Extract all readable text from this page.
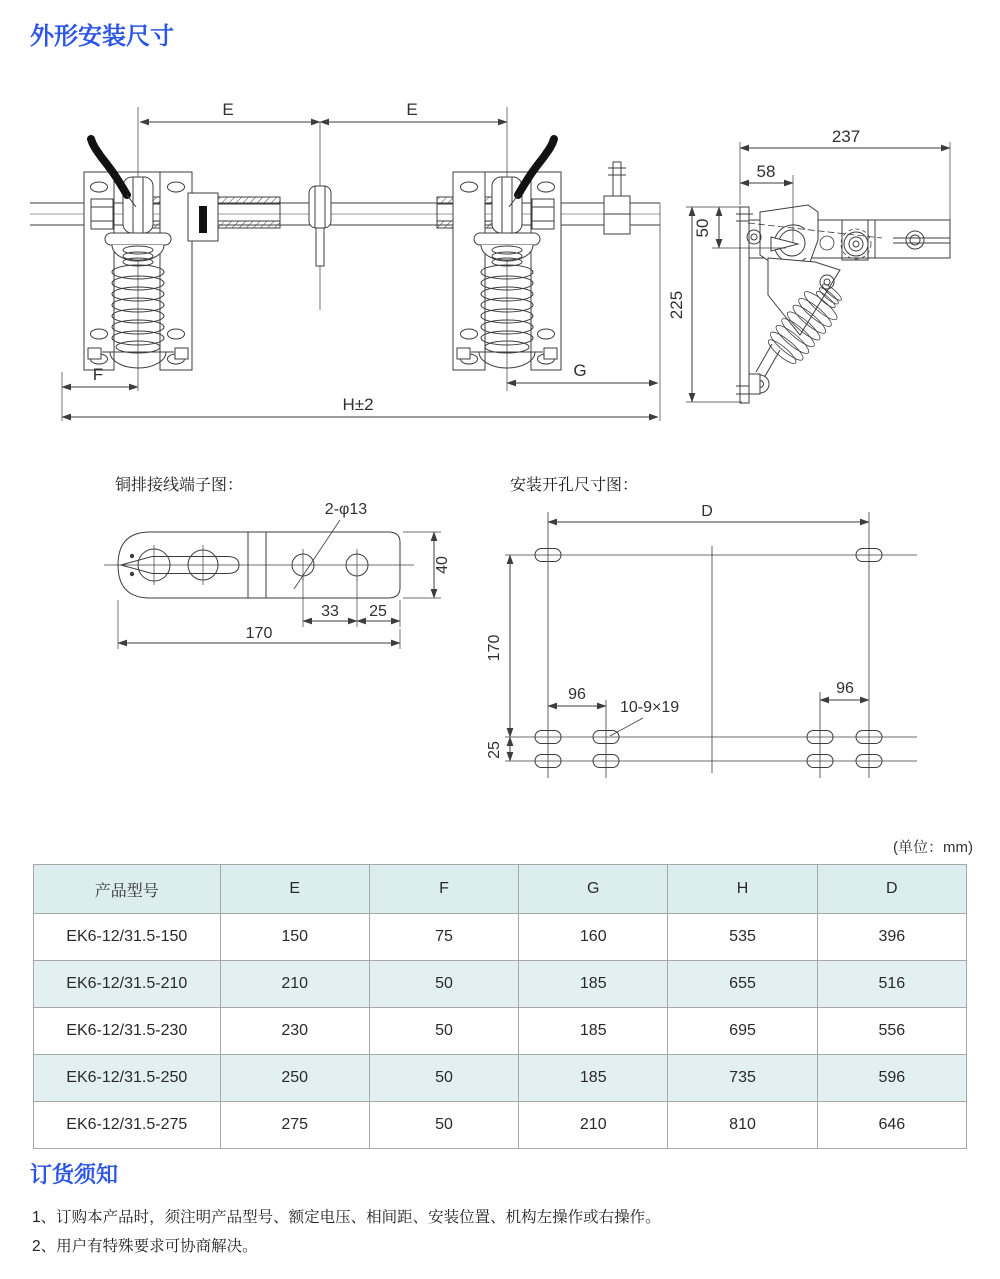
外形安装尺寸
E	E
F	G
H±2
237
58
50
225
铜排接线端子图：
2-φ13
40
33 25
170
安装开孔尺寸图：
D
170
25
96	96
10-9×19
(单位：mm)
产品型号	E	F	G	H	D
EK6-12/31.5-150	150	75	160	535	396
EK6-12/31.5-210	210	50	185	655	516
EK6-12/31.5-230	230	50	185	695	556
EK6-12/31.5-250	250	50	185	735	596
EK6-12/31.5-275	275	50	210	810	646
订货须知

1、订购本产品时，须注明产品型号、额定电压、相间距、安装位置、机构左操作或右操作。

2、用户有特殊要求可协商解决。
